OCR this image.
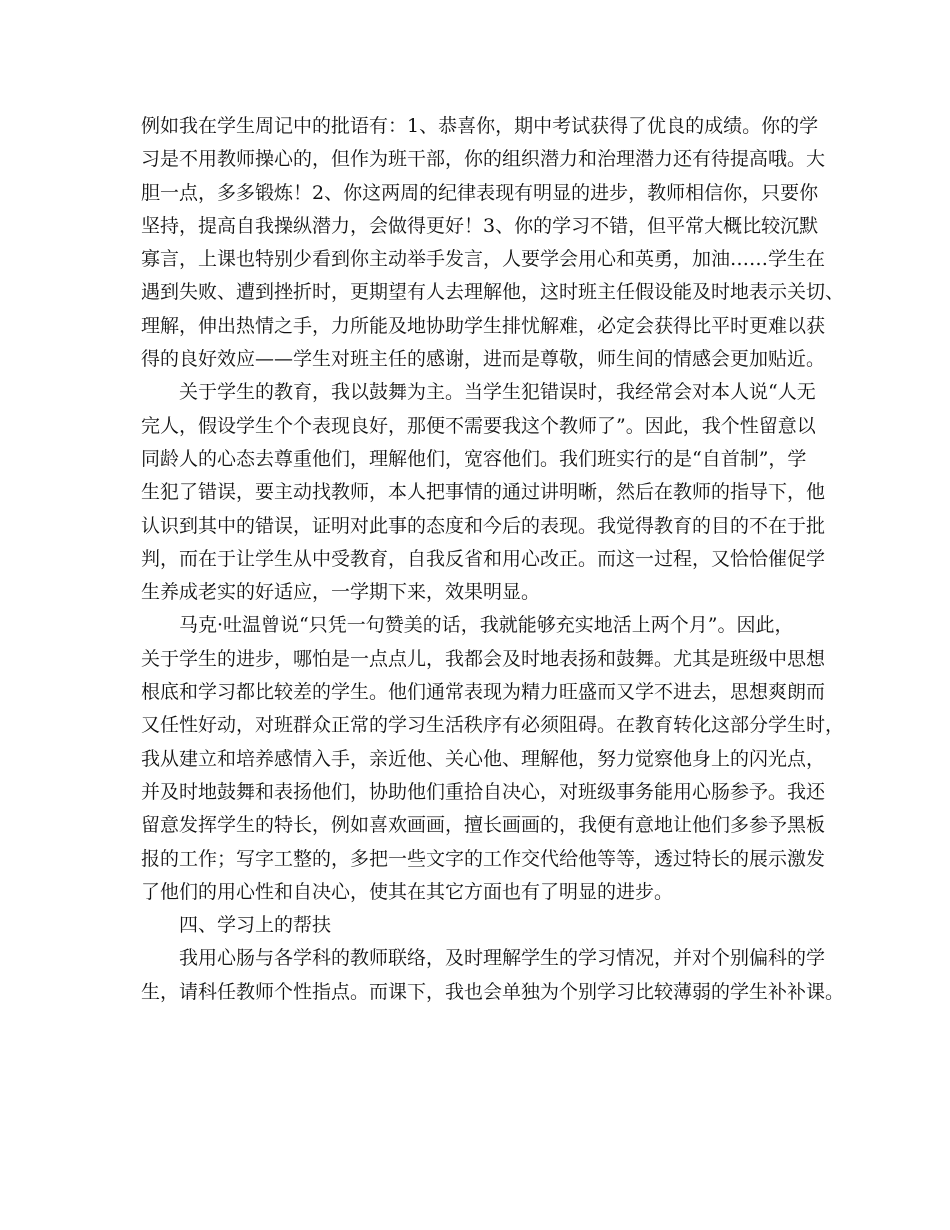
例如我在学生周记中的批语有：1、恭喜你，期中考试获得了优良的成绩。你的学
习是不用教师操心的，但作为班干部，你的组织潜力和治理潜力还有待提高哦。大
胆一点，多多锻炼！2、你这两周的纪律表现有明显的进步，教师相信你，只要你
坚持，提高自我操纵潜力，会做得更好！3、你的学习不错，但平常大概比较沉默
寡言，上课也特别少看到你主动举手发言，人要学会用心和英勇，加油……学生在
遇到失败、遭到挫折时，更期望有人去理解他，这时班主任假设能及时地表示关切、
理解，伸出热情之手，力所能及地协助学生排忧解难，必定会获得比平时更难以获
得的良好效应——学生对班主任的感谢，进而是尊敬，师生间的情感会更加贴近。
关于学生的教育，我以鼓舞为主。当学生犯错误时，我经常会对本人说“人无
完人，假设学生个个表现良好，那便不需要我这个教师了”。因此，我个性留意以
同龄人的心态去尊重他们，理解他们，宽容他们。我们班实行的是“自首制”，学
生犯了错误，要主动找教师，本人把事情的通过讲明晰，然后在教师的指导下，他
认识到其中的错误，证明对此事的态度和今后的表现。我觉得教育的目的不在于批
判，而在于让学生从中受教育，自我反省和用心改正。而这一过程，又恰恰催促学
生养成老实的好适应，一学期下来，效果明显。
马克·吐温曾说“只凭一句赞美的话，我就能够充实地活上两个月”。因此，
关于学生的进步，哪怕是一点点儿，我都会及时地表扬和鼓舞。尤其是班级中思想
根底和学习都比较差的学生。他们通常表现为精力旺盛而又学不进去，思想爽朗而
又任性好动，对班群众正常的学习生活秩序有必须阻碍。在教育转化这部分学生时，
我从建立和培养感情入手，亲近他、关心他、理解他，努力觉察他身上的闪光点，
并及时地鼓舞和表扬他们，协助他们重拾自决心，对班级事务能用心肠参予。我还
留意发挥学生的特长，例如喜欢画画，擅长画画的，我便有意地让他们多参予黑板
报的工作；写字工整的，多把一些文字的工作交代给他等等，透过特长的展示激发
了他们的用心性和自决心，使其在其它方面也有了明显的进步。
四、学习上的帮扶
我用心肠与各学科的教师联络，及时理解学生的学习情况，并对个别偏科的学
生，请科任教师个性指点。而课下，我也会单独为个别学习比较薄弱的学生补补课。
